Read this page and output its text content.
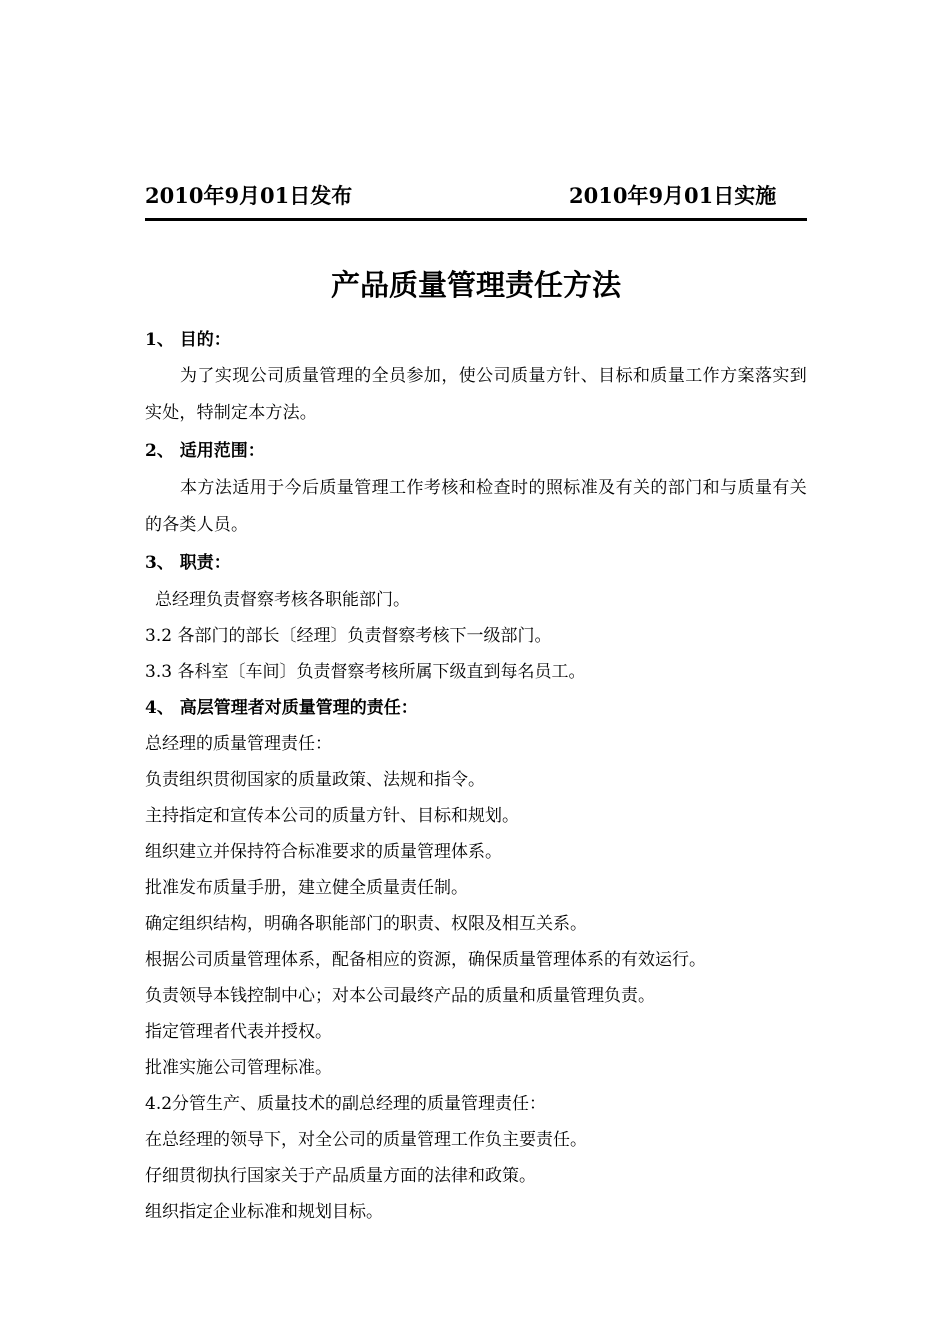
2010年9月01日发布	2010年9月01日实施
产品质量管理责任方法
1、 目的：

为了实现公司质量管理的全员参加，使公司质量方针、目标和质量工作方案落实到实处，特制定本方法。

2、 适用范围：

本方法适用于今后质量管理工作考核和检查时的照标准及有关的部门和与质量有关的各类人员。

3、 职责：
总经理负责督察考核各职能部门。
3.2 各部门的部长〔经理〕负责督察考核下一级部门。
3.3 各科室〔车间〕负责督察考核所属下级直到每名员工。
4、 高层管理者对质量管理的责任：
总经理的质量管理责任：
负责组织贯彻国家的质量政策、法规和指令。
主持指定和宣传本公司的质量方针、目标和规划。
组织建立并保持符合标准要求的质量管理体系。
批准发布质量手册，建立健全质量责任制。
确定组织结构，明确各职能部门的职责、权限及相互关系。
根据公司质量管理体系，配备相应的资源，确保质量管理体系的有效运行。
负责领导本钱控制中心；对本公司最终产品的质量和质量管理负责。
指定管理者代表并授权。
批准实施公司管理标准。
4.2分管生产、质量技术的副总经理的质量管理责任：
在总经理的领导下，对全公司的质量管理工作负主要责任。
仔细贯彻执行国家关于产品质量方面的法律和政策。
组织指定企业标准和规划目标。
